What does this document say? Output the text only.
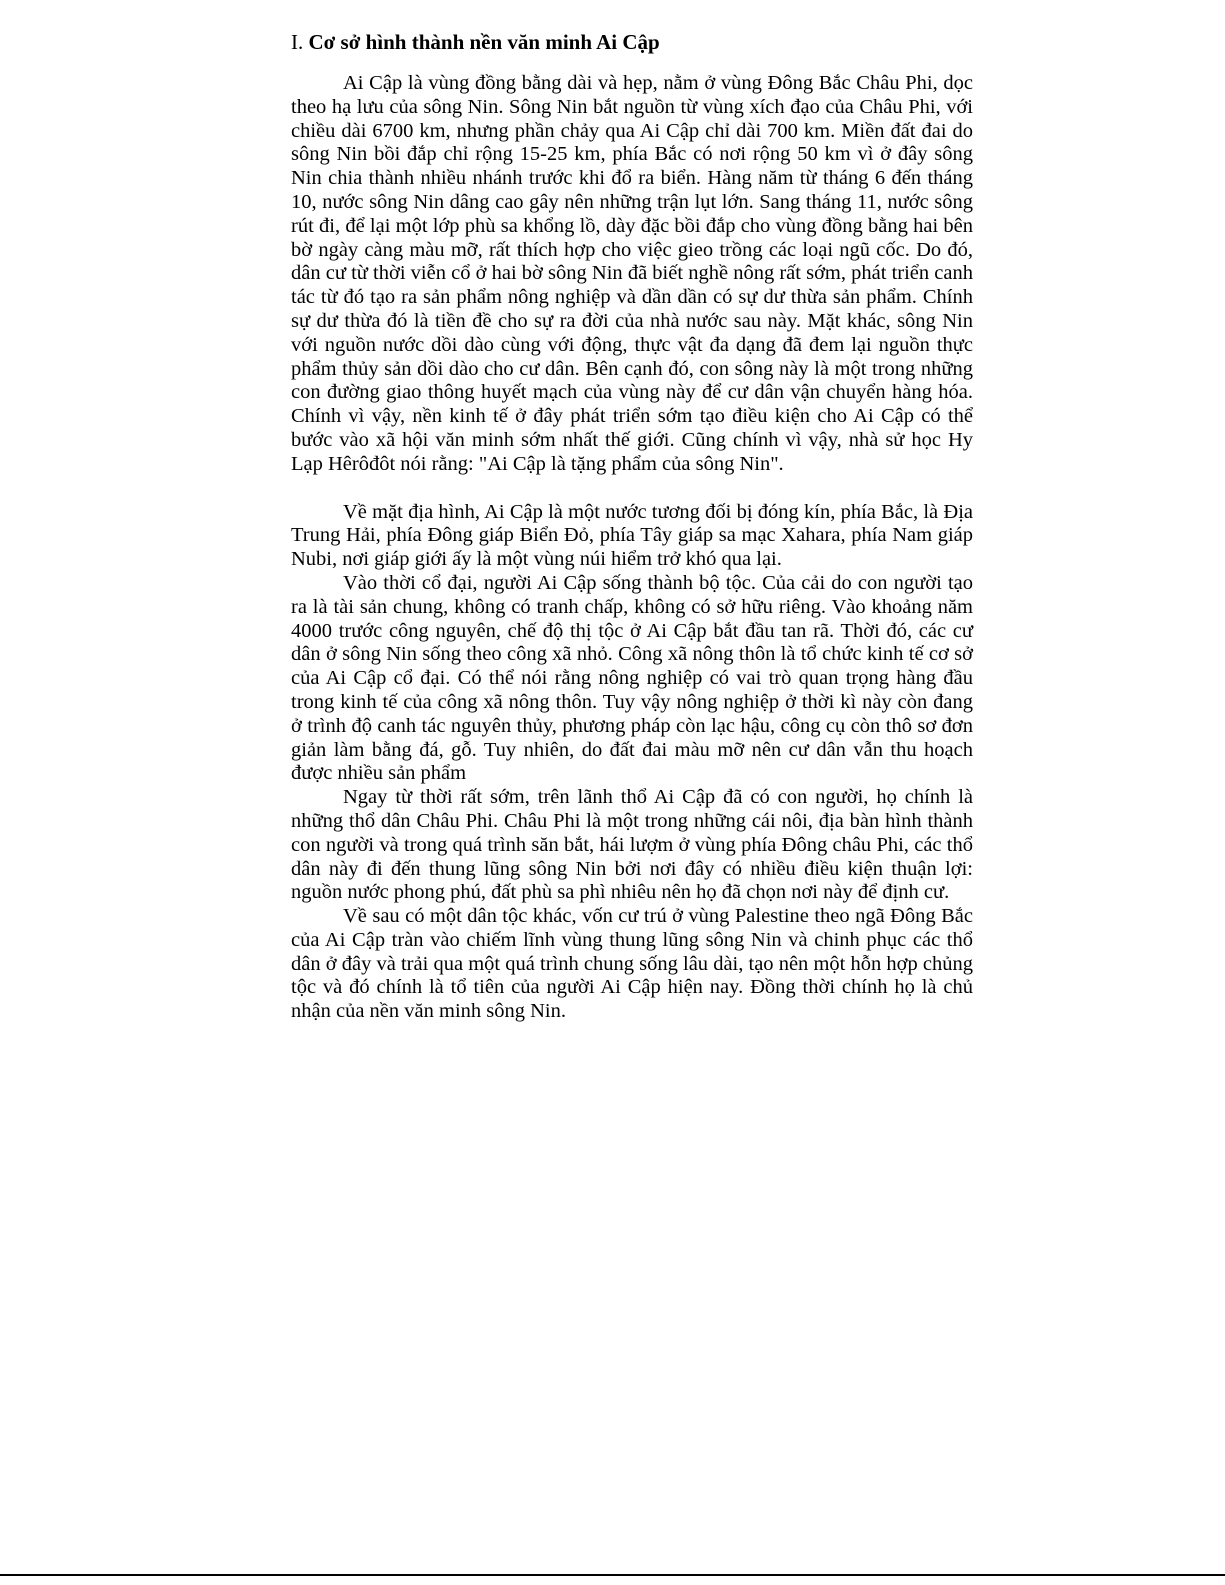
I. Cơ sở hình thành nền văn minh Ai Cập

Ai Cập là vùng đồng bằng dài và hẹp, nằm ở vùng Đông Bắc Châu Phi, dọc theo hạ lưu của sông Nin. Sông Nin bắt nguồn từ vùng xích đạo của Châu Phi, với chiều dài 6700 km, nhưng phần chảy qua Ai Cập chỉ dài 700 km. Miền đất đai do sông Nin bồi đắp chỉ rộng 15-25 km, phía Bắc có nơi rộng 50 km vì ở đây sông Nin chia thành nhiều nhánh trước khi đổ ra biển. Hàng năm từ tháng 6 đến tháng 10, nước sông Nin dâng cao gây nên những trận lụt lớn. Sang tháng 11, nước sông rút đi, để lại một lớp phù sa khổng lồ, dày đặc bồi đắp cho vùng đồng bằng hai bên bờ ngày càng màu mỡ, rất thích hợp cho việc gieo trồng các loại ngũ cốc. Do đó, dân cư từ thời viễn cổ ở hai bờ sông Nin đã biết nghề nông rất sớm, phát triển canh tác từ đó tạo ra sản phẩm nông nghiệp và dần dần có sự dư thừa sản phẩm. Chính sự dư thừa đó là tiền đề cho sự ra đời của nhà nước sau này. Mặt khác, sông Nin với nguồn nước dồi dào cùng với động, thực vật đa dạng đã đem lại nguồn thực phẩm thủy sản dồi dào cho cư dân. Bên cạnh đó, con sông này là một trong những con đường giao thông huyết mạch của vùng này để cư dân vận chuyển hàng hóa. Chính vì vậy, nền kinh tế ở đây phát triển sớm tạo điều kiện cho Ai Cập có thể bước vào xã hội văn minh sớm nhất thế giới. Cũng chính vì vậy, nhà sử học Hy Lạp Hêrôđôt nói rằng: "Ai Cập là tặng phẩm của sông Nin".

Về mặt địa hình, Ai Cập là một nước tương đối bị đóng kín, phía Bắc, là Địa Trung Hải, phía Đông giáp Biển Đỏ, phía Tây giáp sa mạc Xahara, phía Nam giáp Nubi, nơi giáp giới ấy là một vùng núi hiểm trở khó qua lại.

Vào thời cổ đại, người Ai Cập sống thành bộ tộc. Của cải do con người tạo ra là tài sản chung, không có tranh chấp, không có sở hữu riêng. Vào khoảng năm 4000 trước công nguyên, chế độ thị tộc ở Ai Cập bắt đầu tan rã. Thời đó, các cư dân ở sông Nin sống theo công xã nhỏ. Công xã nông thôn là tổ chức kinh tế cơ sở của Ai Cập cổ đại. Có thể nói rằng nông nghiệp có vai trò quan trọng hàng đầu trong kinh tế của công xã nông thôn. Tuy vậy nông nghiệp ở thời kì này còn đang ở trình độ canh tác nguyên thủy, phương pháp còn lạc hậu, công cụ còn thô sơ đơn giản làm bằng đá, gỗ. Tuy nhiên, do đất đai màu mỡ nên cư dân vẫn thu hoạch được nhiều sản phẩm

Ngay từ thời rất sớm, trên lãnh thổ Ai Cập đã có con người, họ chính là những thổ dân Châu Phi. Châu Phi là một trong những cái nôi, địa bàn hình thành con người và trong quá trình săn bắt, hái lượm ở vùng phía Đông châu Phi, các thổ dân này đi đến thung lũng sông Nin bởi nơi đây có nhiều điều kiện thuận lợi: nguồn nước phong phú, đất phù sa phì nhiêu nên họ đã chọn nơi này để định cư.

Về sau có một dân tộc khác, vốn cư trú ở vùng Palestine theo ngã Đông Bắc của Ai Cập tràn vào chiếm lĩnh vùng thung lũng sông Nin và chinh phục các thổ dân ở đây và trải qua một quá trình chung sống lâu dài, tạo nên một hỗn hợp chủng tộc và đó chính là tổ tiên của người Ai Cập hiện nay. Đồng thời chính họ là chủ nhận của nền văn minh sông Nin.
